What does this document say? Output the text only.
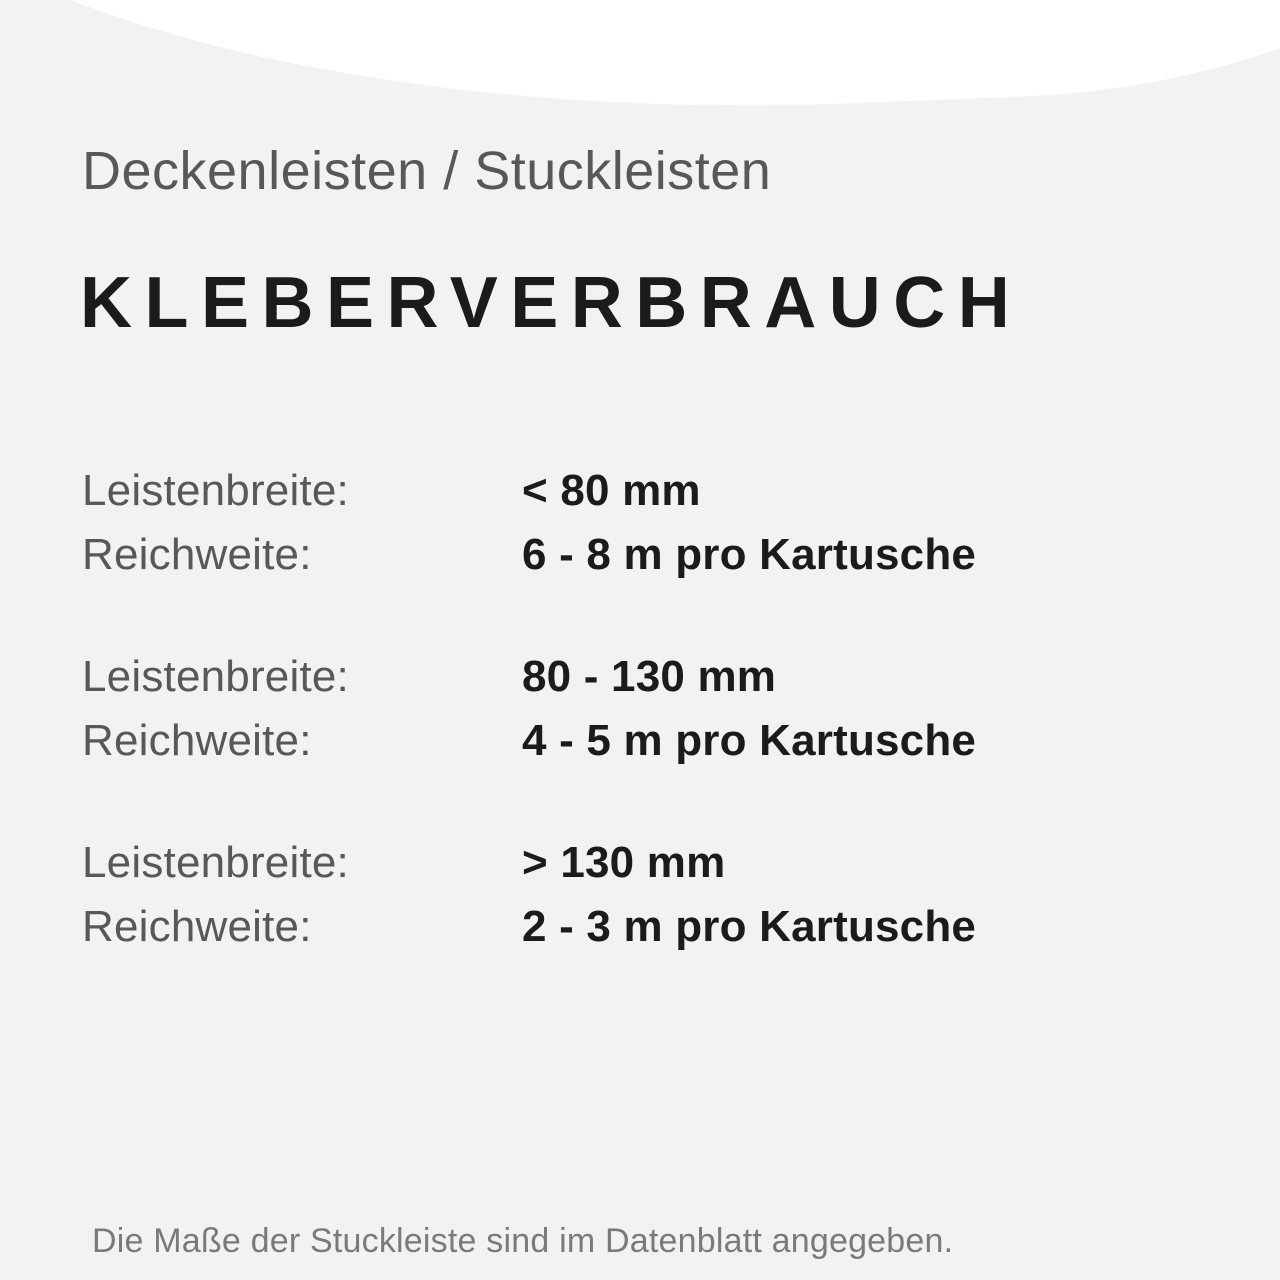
Deckenleisten / Stuckleisten
KLEBERVERBRAUCH
Leistenbreite:	< 80 mm
Reichweite:	6 - 8 m pro Kartusche
Leistenbreite:	80 - 130 mm
Reichweite:	4 - 5 m pro Kartusche
Leistenbreite:	> 130 mm
Reichweite:	2 - 3 m pro Kartusche
Die Maße der Stuckleiste sind im Datenblatt angegeben.
